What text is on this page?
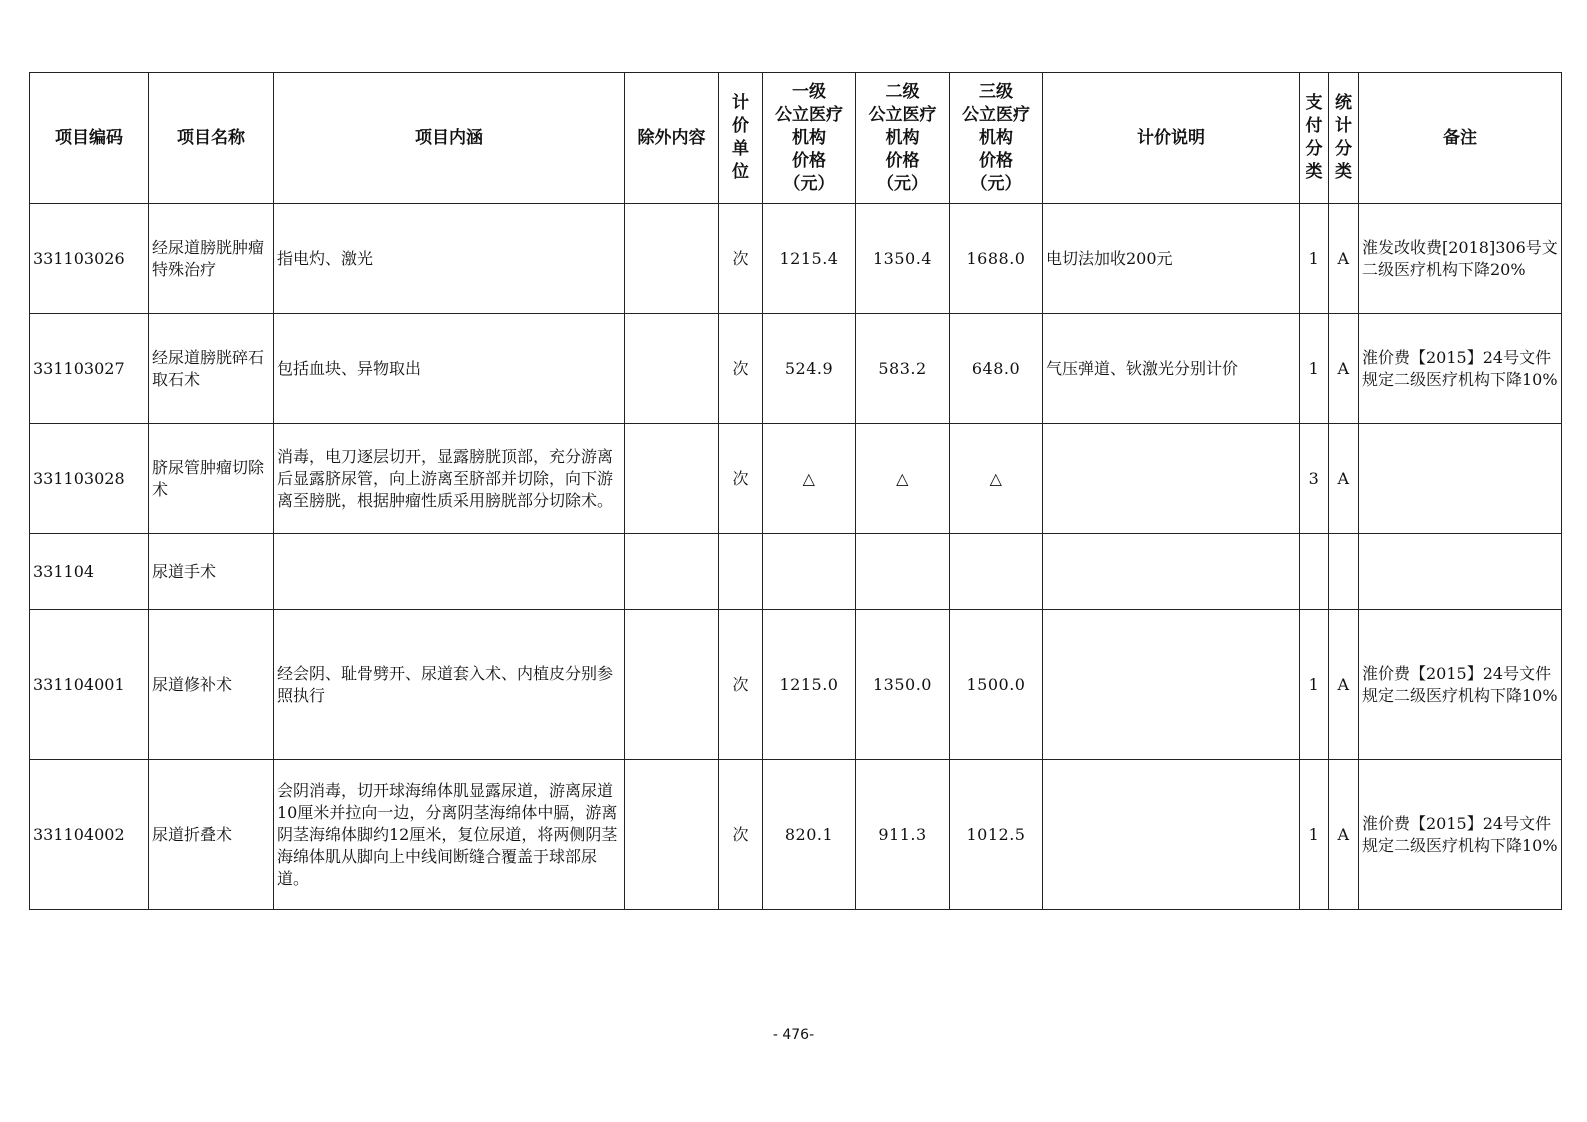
项目编码	项目名称	项目内涵	除外内容	计
价
单
位	一级
公立医疗
机构
价格
（元）	二级
公立医疗
机构
价格
（元）	三级
公立医疗
机构
价格
（元）	计价说明	支
付
分
类	统
计
分
类	备注
331103026	经尿道膀胱肿瘤特殊治疗	指电灼、激光		次	1215.4	1350.4	1688.0	电切法加收200元	1	A	淮发改收费[2018]306号文二级医疗机构下降20%
331103027	经尿道膀胱碎石取石术	包括血块、异物取出		次	524.9	583.2	648.0	气压弹道、钬激光分别计价	1	A	淮价费【2015】24号文件规定二级医疗机构下降10%
331103028	脐尿管肿瘤切除术	消毒，电刀逐层切开，显露膀胱顶部，充分游离后显露脐尿管，向上游离至脐部并切除，向下游离至膀胱，根据肿瘤性质采用膀胱部分切除术。		次	△	△	△		3	A	
331104	尿道手术										
331104001	尿道修补术	经会阴、耻骨劈开、尿道套入术、内植皮分别参照执行		次	1215.0	1350.0	1500.0		1	A	淮价费【2015】24号文件规定二级医疗机构下降10%
331104002	尿道折叠术	会阴消毒，切开球海绵体肌显露尿道，游离尿道10厘米并拉向一边，分离阴茎海绵体中膈，游离阴茎海绵体脚约12厘米，复位尿道，将两侧阴茎海绵体肌从脚向上中线间断缝合覆盖于球部尿道。		次	820.1	911.3	1012.5		1	A	淮价费【2015】24号文件规定二级医疗机构下降10%
- 476-
